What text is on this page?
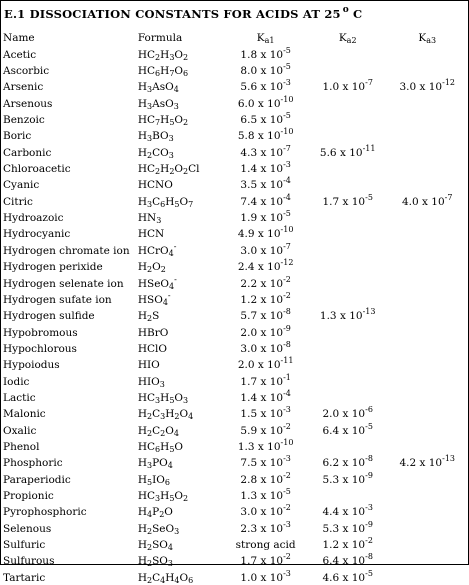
E.1 DISSOCIATION CONSTANTS FOR ACIDS AT 25 $^o$ C
Name	Formula	$K_{a1}$	$K_{a2}$	$K_{a3}$
Acetic	$HC_2H_3O_2$	1.8 x $10^{-5}$		
Ascorbic	$HC_6H_7O_6$	8.0 x $10^{-5}$		
Arsenic	$H_3AsO_4$	5.6 x $10^{-3}$	1.0 x $10^{-7}$	3.0 x $10^{-12}$
Arsenous	$H_3AsO_3$	6.0 x $10^{-10}$		
Benzoic	$HC_7H_5O_2$	6.5 x $10^{-5}$		
Boric	$H_3BO_3$	5.8 x $10^{-10}$		
Carbonic	$H_2CO_3$	4.3 x $10^{-7}$	5.6 x $10^{-11}$	
Chloroacetic	$HC_2H_2O_2Cl$	1.4 x $10^{-3}$		
Cyanic	HCNO	3.5 x $10^{-4}$		
Citric	$H_3C_6H_5O_7$	7.4 x $10^{-4}$	1.7 x $10^{-5}$	4.0 x $10^{-7}$
Hydroazoic	$HN_3$	1.9 x $10^{-5}$		
Hydrocyanic	HCN	4.9 x $10^{-10}$		
Hydrogen chromate ion	HCrO$_4$-	3.0 x $10^{-7}$		
Hydrogen perixide	$H_2O_2$	2.4 x $10^{-12}$		
Hydrogen selenate ion	HSeO$_4$-	2.2 x $10^{-2}$		
Hydrogen sufate ion	$HSO_4^-$	1.2 x $10^{-2}$		
Hydrogen sulfide	$H_2S$	5.7 x $10^{-8}$	1.3 x $10^{-13}$	
Hypobromous	HBrO	2.0 x $10^{-9}$		
Hypochlorous	HClO	3.0 x $10^{-8}$		
Hypoiodus	HIO	2.0 x $10^{-11}$		
Iodic	$HIO_3$	1.7 x $10^{-1}$		
Lactic	$HC_3H_5O_3$	1.4 x $10^{-4}$		
Malonic	$H_2C_3H_2O_4$	1.5 x $10^{-3}$	2.0 x $10^{-6}$	
Oxalic	$H_2C_2O_4$	5.9 x $10^{-2}$	6.4 x $10^{-5}$	
Phenol	$HC_6H_5O$	1.3 x $10^{-10}$		
Phosphoric	$H_3PO_4$	7.5 x $10^{-3}$	6.2 x $10^{-8}$	4.2 x $10^{-13}$
Paraperiodic	$H_5IO_6$	2.8 x $10^{-2}$	5.3 x $10^{-9}$	
Propionic	$HC_3H_5O_2$	1.3 x $10^{-5}$		
Pyrophosphoric	$H_4P_2O$	3.0 x $10^{-2}$	4.4 x $10^{-3}$	
Selenous	$H_2SeO_3$	2.3 x $10^{-3}$	5.3 x $10^{-9}$	
Sulfuric	$H_2SO_4$	strong acid	1.2 x $10^{-2}$	
Sulfurous	$H_2SO_3$	1.7 x $10^{-2}$	6.4 x $10^{-8}$	
Tartaric	$H_2C_4H_4O_6$	1.0 x $10^{-3}$	4.6 x $10^{-5}$	
